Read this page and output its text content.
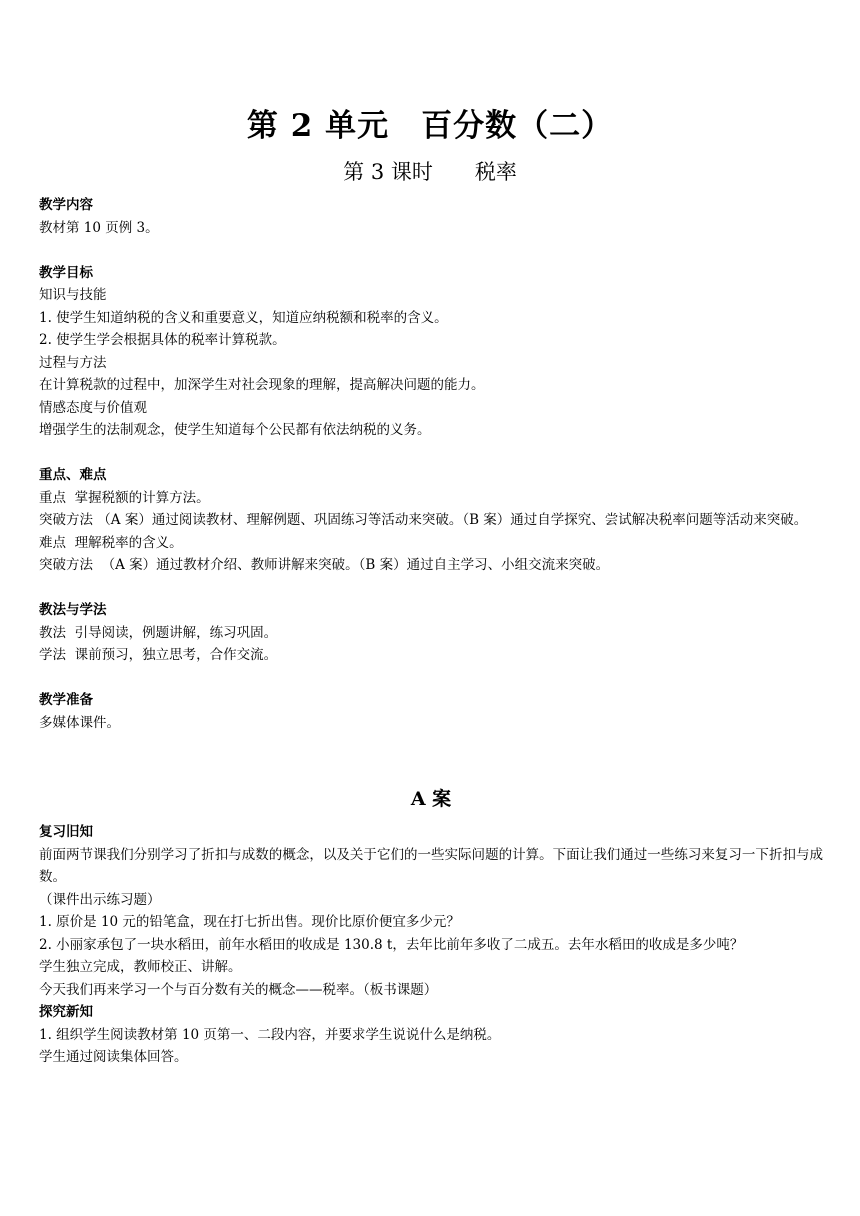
第 2 单元　百分数（二）
第 3 课时　　税率

教学内容

教材第 10 页例 3。

教学目标

知识与技能

1. 使学生知道纳税的含义和重要意义，知道应纳税额和税率的含义。

2. 使学生学会根据具体的税率计算税款。

过程与方法

在计算税款的过程中，加深学生对社会现象的理解，提高解决问题的能力。

情感态度与价值观

增强学生的法制观念，使学生知道每个公民都有依法纳税的义务。

重点、难点

重点  掌握税额的计算方法。

突破方法 （A 案）通过阅读教材、理解例题、巩固练习等活动来突破。（B 案）通过自学探究、尝试解决税率问题等活动来突破。

难点  理解税率的含义。

突破方法  （A 案）通过教材介绍、教师讲解来突破。（B 案）通过自主学习、小组交流来突破。

教法与学法

教法  引导阅读，例题讲解，练习巩固。

学法  课前预习，独立思考，合作交流。

教学准备

多媒体课件。

A 案

复习旧知

前面两节课我们分别学习了折扣与成数的概念，以及关于它们的一些实际问题的计算。下面让我们通过一些练习来复习一下折扣与成数。

（课件出示练习题）

1. 原价是 10 元的铅笔盒，现在打七折出售。现价比原价便宜多少元？

2. 小丽家承包了一块水稻田，前年水稻田的收成是 130.8 t，去年比前年多收了二成五。去年水稻田的收成是多少吨？

学生独立完成，教师校正、讲解。

今天我们再来学习一个与百分数有关的概念——税率。（板书课题）

探究新知

1. 组织学生阅读教材第 10 页第一、二段内容，并要求学生说说什么是纳税。

学生通过阅读集体回答。
